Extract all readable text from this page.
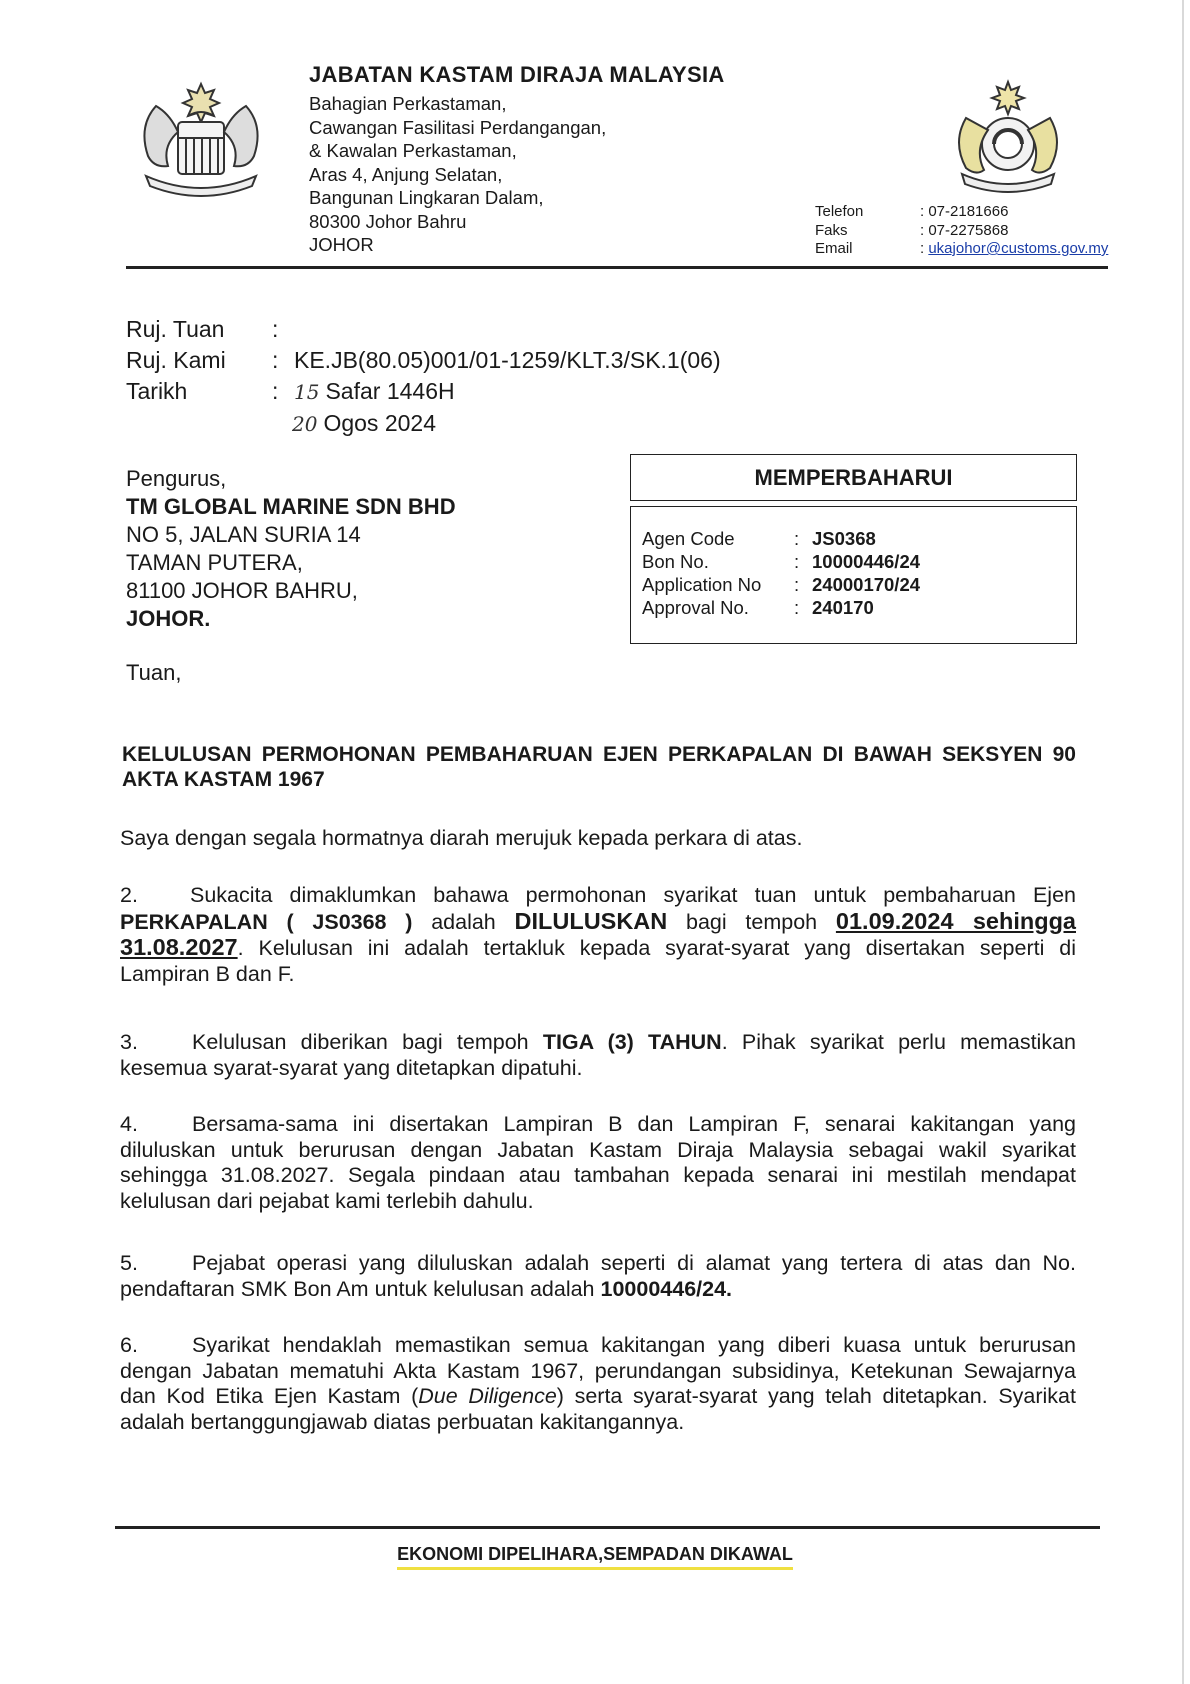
JABATAN KASTAM DIRAJA MALAYSIA
Bahagian Perkastaman,
Cawangan Fasilitasi Perdangangan,
& Kawalan Perkastaman,
Aras 4, Anjung Selatan,
Bangunan Lingkaran Dalam,
80300 Johor Bahru
JOHOR
Telefon	: 07-2181666
Faks	: 07-2275868
Email	: ukajohor@customs.gov.my
Ruj. Tuan	:
Ruj. Kami	: KE.JB(80.05)001/01-1259/KLT.3/SK.1(06)
Tarikh	: 15 Safar 1446H
20 Ogos 2024
Pengurus,
TM GLOBAL MARINE SDN BHD
NO 5, JALAN SURIA 14
TAMAN PUTERA,
81100 JOHOR BAHRU,
JOHOR.
MEMPERBAHARUI
Agen Code	: JS0368
Bon No.	: 10000446/24
Application No	: 24000170/24
Approval No.	: 240170
Tuan,
KELULUSAN PERMOHONAN PEMBAHARUAN EJEN PERKAPALAN DI BAWAH SEKSYEN 90 AKTA KASTAM 1967
Saya dengan segala hormatnya diarah merujuk kepada perkara di atas.
2. Sukacita dimaklumkan bahawa permohonan syarikat tuan untuk pembaharuan Ejen PERKAPALAN ( JS0368 ) adalah DILULUSKAN bagi tempoh 01.09.2024 sehingga 31.08.2027. Kelulusan ini adalah tertakluk kepada syarat-syarat yang disertakan seperti di Lampiran B dan F.
3.	Kelulusan diberikan bagi tempoh TIGA (3) TAHUN. Pihak syarikat perlu memastikan kesemua syarat-syarat yang ditetapkan dipatuhi.
4.	Bersama-sama ini disertakan Lampiran B dan Lampiran F, senarai kakitangan yang diluluskan untuk berurusan dengan Jabatan Kastam Diraja Malaysia sebagai wakil syarikat sehingga 31.08.2027. Segala pindaan atau tambahan kepada senarai ini mestilah mendapat kelulusan dari pejabat kami terlebih dahulu.
5.	Pejabat operasi yang diluluskan adalah seperti di alamat yang tertera di atas dan No. pendaftaran SMK Bon Am untuk kelulusan adalah 10000446/24.
6.	Syarikat hendaklah memastikan semua kakitangan yang diberi kuasa untuk berurusan dengan Jabatan mematuhi Akta Kastam 1967, perundangan subsidinya, Ketekunan Sewajarnya dan Kod Etika Ejen Kastam (Due Diligence) serta syarat-syarat yang telah ditetapkan. Syarikat adalah bertanggungjawab diatas perbuatan kakitangannya.
EKONOMI DIPELIHARA,SEMPADAN DIKAWAL
